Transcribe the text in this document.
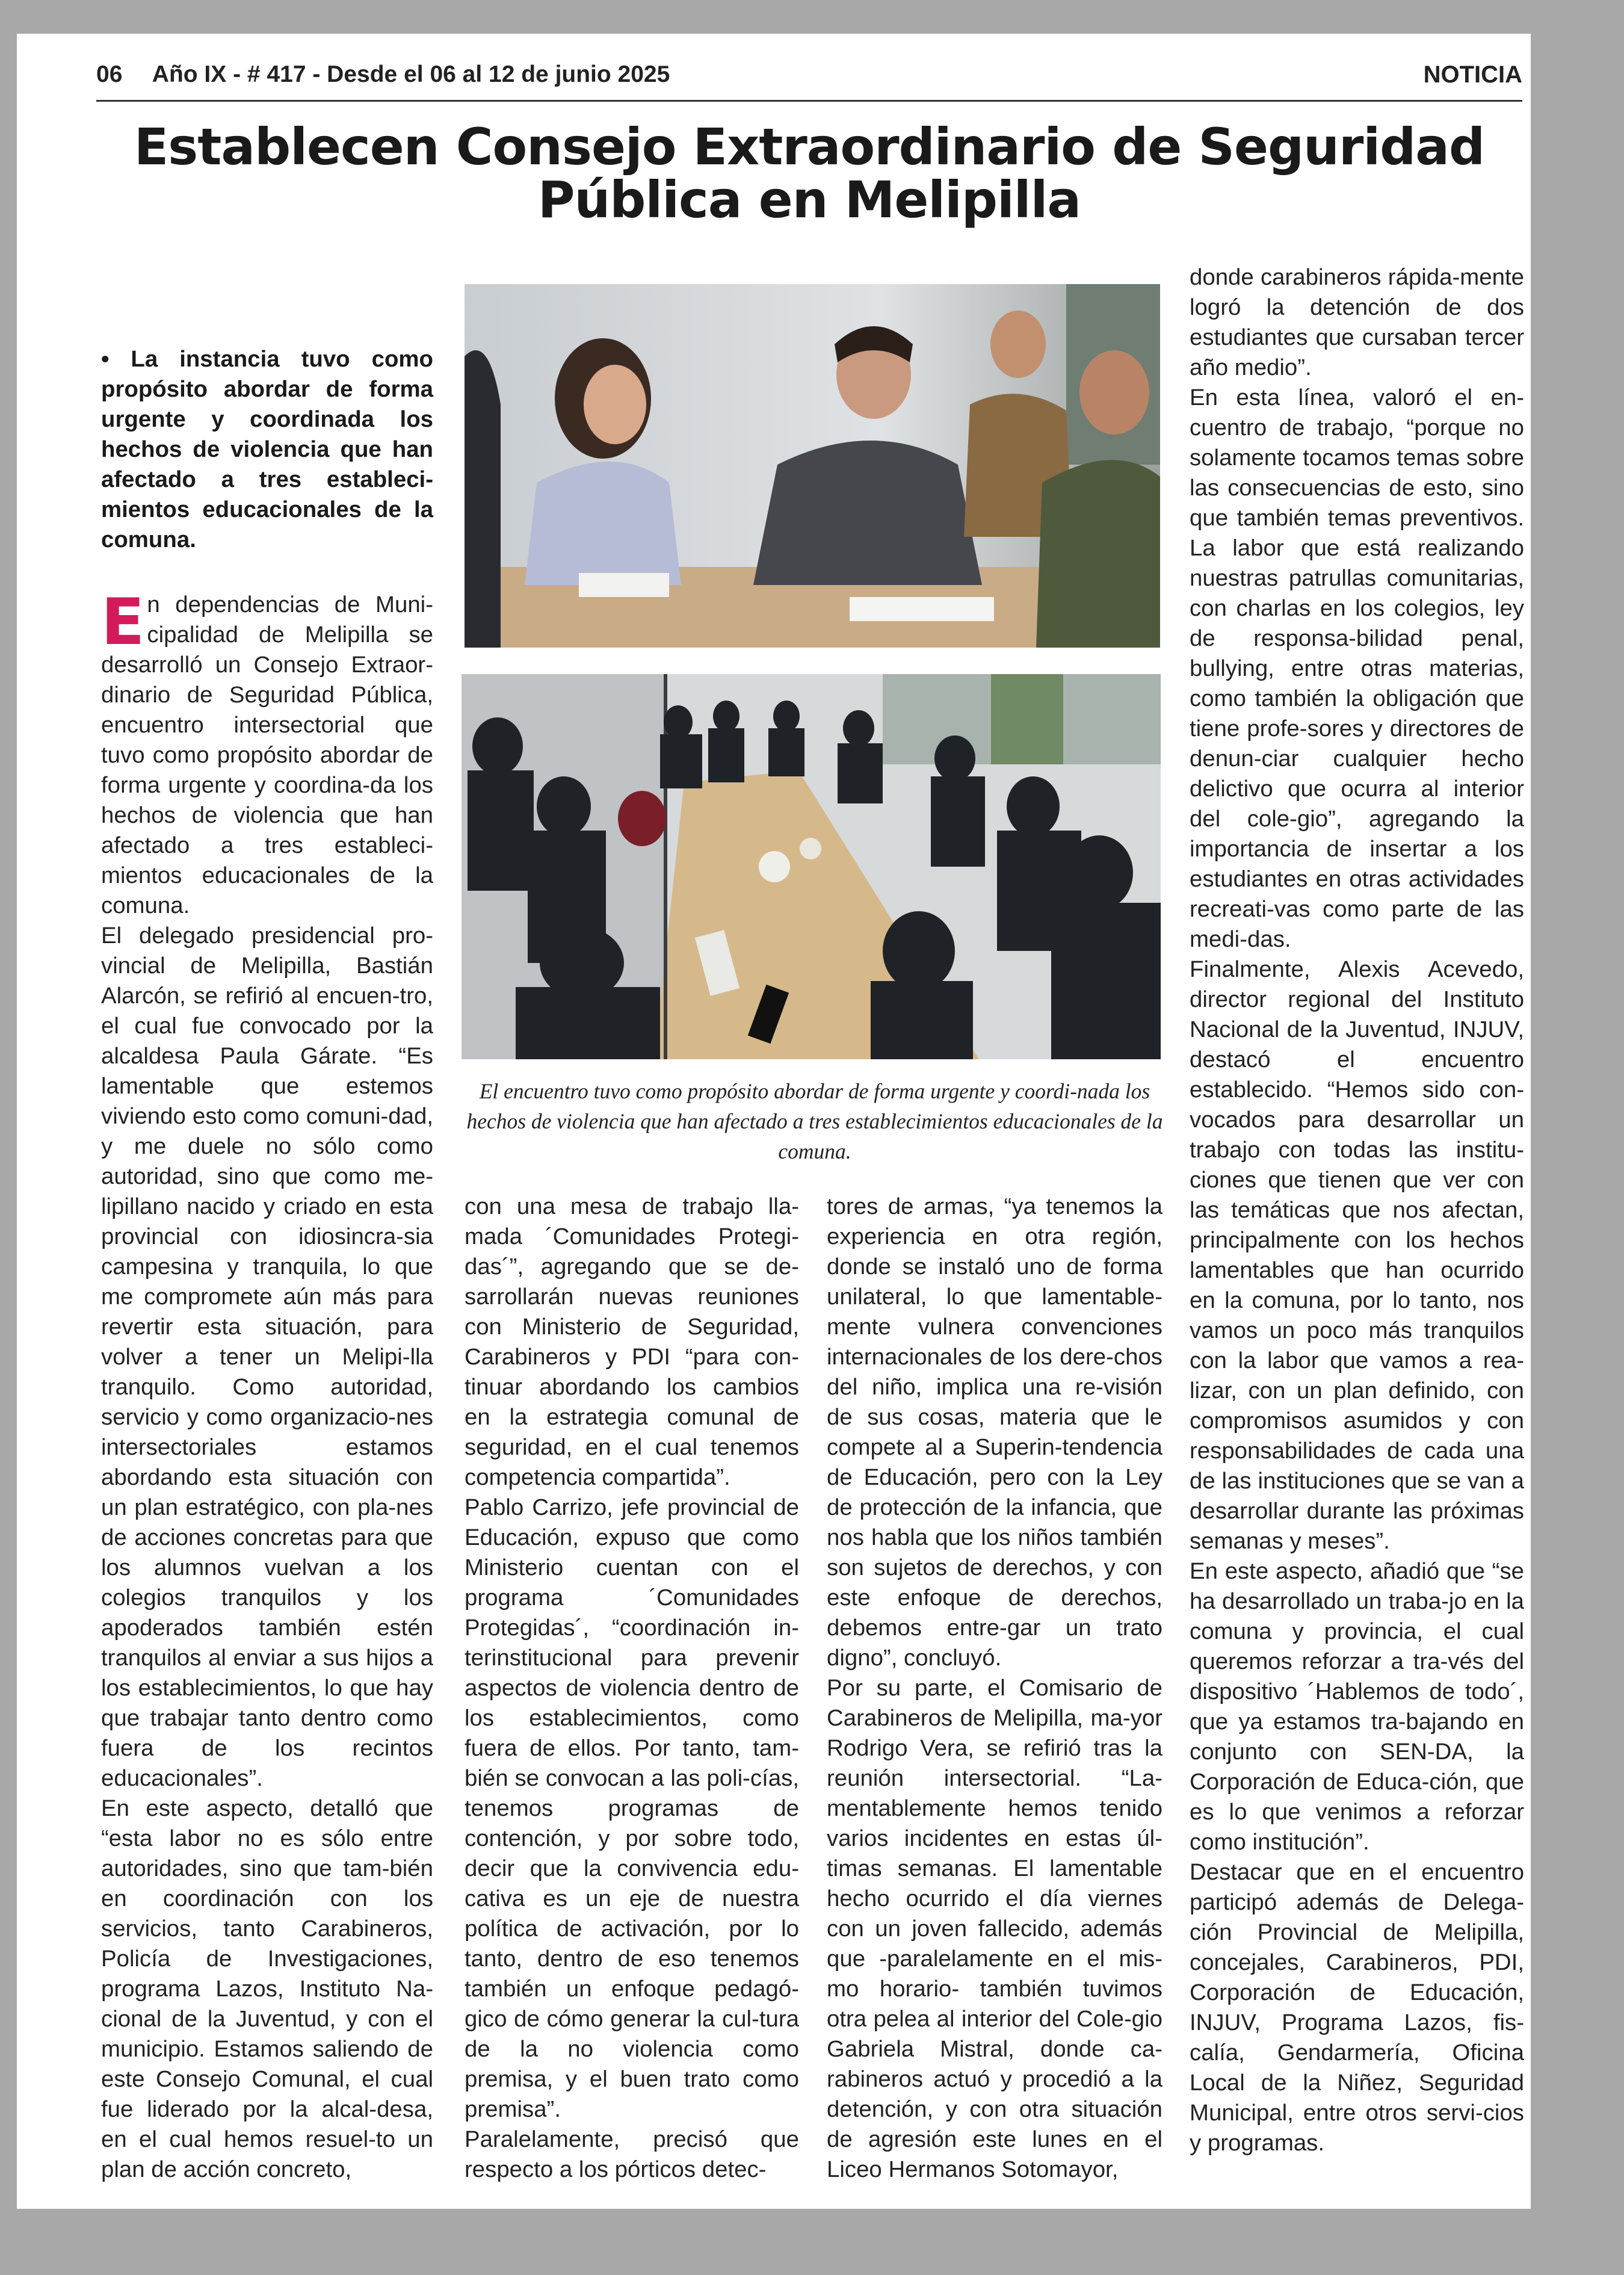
06 Año IX - # 417 - Desde el 06 al 12 de junio 2025	NOTICIA
Establecen Consejo Extraordinario de Seguridad Pública en Melipilla
• La instancia tuvo como propósito abordar de forma urgente y coordinada los hechos de violencia que han afectado a tres estableci-mientos educacionales de la comuna.

E n dependencias de Muni-cipalidad de Melipilla se desarrolló un Consejo Extraor-dinario de Seguridad Pública, encuentro intersectorial que tuvo como propósito abordar de forma urgente y coordina-da los hechos de violencia que han afectado a tres estableci-mientos educacionales de la comuna.

El delegado presidencial pro-vincial de Melipilla, Bastián Alarcón, se refirió al encuen-tro, el cual fue convocado por la alcaldesa Paula Gárate. “Es lamentable que estemos viviendo esto como comuni-dad, y me duele no sólo como autoridad, sino que como me-lipillano nacido y criado en esta provincial con idiosincra-sia campesina y tranquila, lo que me compromete aún más para revertir esta situación, para volver a tener un Melipi-lla tranquilo. Como autoridad, servicio y como organizacio-nes intersectoriales estamos abordando esta situación con un plan estratégico, con pla-nes de acciones concretas para que los alumnos vuelvan a los colegios tranquilos y los apoderados también estén tranquilos al enviar a sus hijos a los establecimientos, lo que hay que trabajar tanto dentro como fuera de los recintos educacionales”.

En este aspecto, detalló que “esta labor no es sólo entre autoridades, sino que tam-bién en coordinación con los servicios, tanto Carabineros, Policía de Investigaciones, programa Lazos, Instituto Na-cional de la Juventud, y con el municipio. Estamos saliendo de este Consejo Comunal, el cual fue liderado por la alcal-desa, en el cual hemos resuel-to un plan de acción concreto,

El encuentro tuvo como propósito abordar de forma urgente y coordi-nada los hechos de violencia que han afectado a tres establecimientos educacionales de la comuna.

con una mesa de trabajo lla-mada ´Comunidades Protegi-das´”, agregando que se de-sarrollarán nuevas reuniones con Ministerio de Seguridad, Carabineros y PDI “para con-tinuar abordando los cambios en la estrategia comunal de seguridad, en el cual tenemos competencia compartida”.

Pablo Carrizo, jefe provincial de Educación, expuso que como Ministerio cuentan con el programa ´Comunidades Protegidas´, “coordinación in-terinstitucional para prevenir aspectos de violencia dentro de los establecimientos, como fuera de ellos. Por tanto, tam-bién se convocan a las poli-cías, tenemos programas de contención, y por sobre todo, decir que la convivencia edu-cativa es un eje de nuestra política de activación, por lo tanto, dentro de eso tenemos también un enfoque pedagó-gico de cómo generar la cul-tura de la no violencia como premisa, y el buen trato como premisa”.

Paralelamente, precisó que respecto a los pórticos detec-

tores de armas, “ya tenemos la experiencia en otra región, donde se instaló uno de forma unilateral, lo que lamentable-mente vulnera convenciones internacionales de los dere-chos del niño, implica una re-visión de sus cosas, materia que le compete al a Superin-tendencia de Educación, pero con la Ley de protección de la infancia, que nos habla que los niños también son sujetos de derechos, y con este enfoque de derechos, debemos entre-gar un trato digno”, concluyó.

Por su parte, el Comisario de Carabineros de Melipilla, ma-yor Rodrigo Vera, se refirió tras la reunión intersectorial. “La-mentablemente hemos tenido varios incidentes en estas úl-timas semanas. El lamentable hecho ocurrido el día viernes con un joven fallecido, además que -paralelamente en el mis-mo horario- también tuvimos otra pelea al interior del Cole-gio Gabriela Mistral, donde ca-rabineros actuó y procedió a la detención, y con otra situación de agresión este lunes en el Liceo Hermanos Sotomayor,

donde carabineros rápida-mente logró la detención de dos estudiantes que cursaban tercer año medio”.

En esta línea, valoró el en-cuentro de trabajo, “porque no solamente tocamos temas sobre las consecuencias de esto, sino que también temas preventivos. La labor que está realizando nuestras patrullas comunitarias, con charlas en los colegios, ley de responsa-bilidad penal, bullying, entre otras materias, como también la obligación que tiene profe-sores y directores de denun-ciar cualquier hecho delictivo que ocurra al interior del cole-gio”, agregando la importancia de insertar a los estudiantes en otras actividades recreati-vas como parte de las medi-das.

Finalmente, Alexis Acevedo, director regional del Instituto Nacional de la Juventud, INJUV, destacó el encuentro establecido. “Hemos sido con-vocados para desarrollar un trabajo con todas las institu-ciones que tienen que ver con las temáticas que nos afectan, principalmente con los hechos lamentables que han ocurrido en la comuna, por lo tanto, nos vamos un poco más tranquilos con la labor que vamos a rea-lizar, con un plan definido, con compromisos asumidos y con responsabilidades de cada una de las instituciones que se van a desarrollar durante las próximas semanas y meses”.

En este aspecto, añadió que “se ha desarrollado un traba-jo en la comuna y provincia, el cual queremos reforzar a tra-vés del dispositivo ´Hablemos de todo´, que ya estamos tra-bajando en conjunto con SEN-DA, la Corporación de Educa-ción, que es lo que venimos a reforzar como institución”.

Destacar que en el encuentro participó además de Delega-ción Provincial de Melipilla, concejales, Carabineros, PDI, Corporación de Educación, INJUV, Programa Lazos, fis-calía, Gendarmería, Oficina Local de la Niñez, Seguridad Municipal, entre otros servi-cios y programas.
